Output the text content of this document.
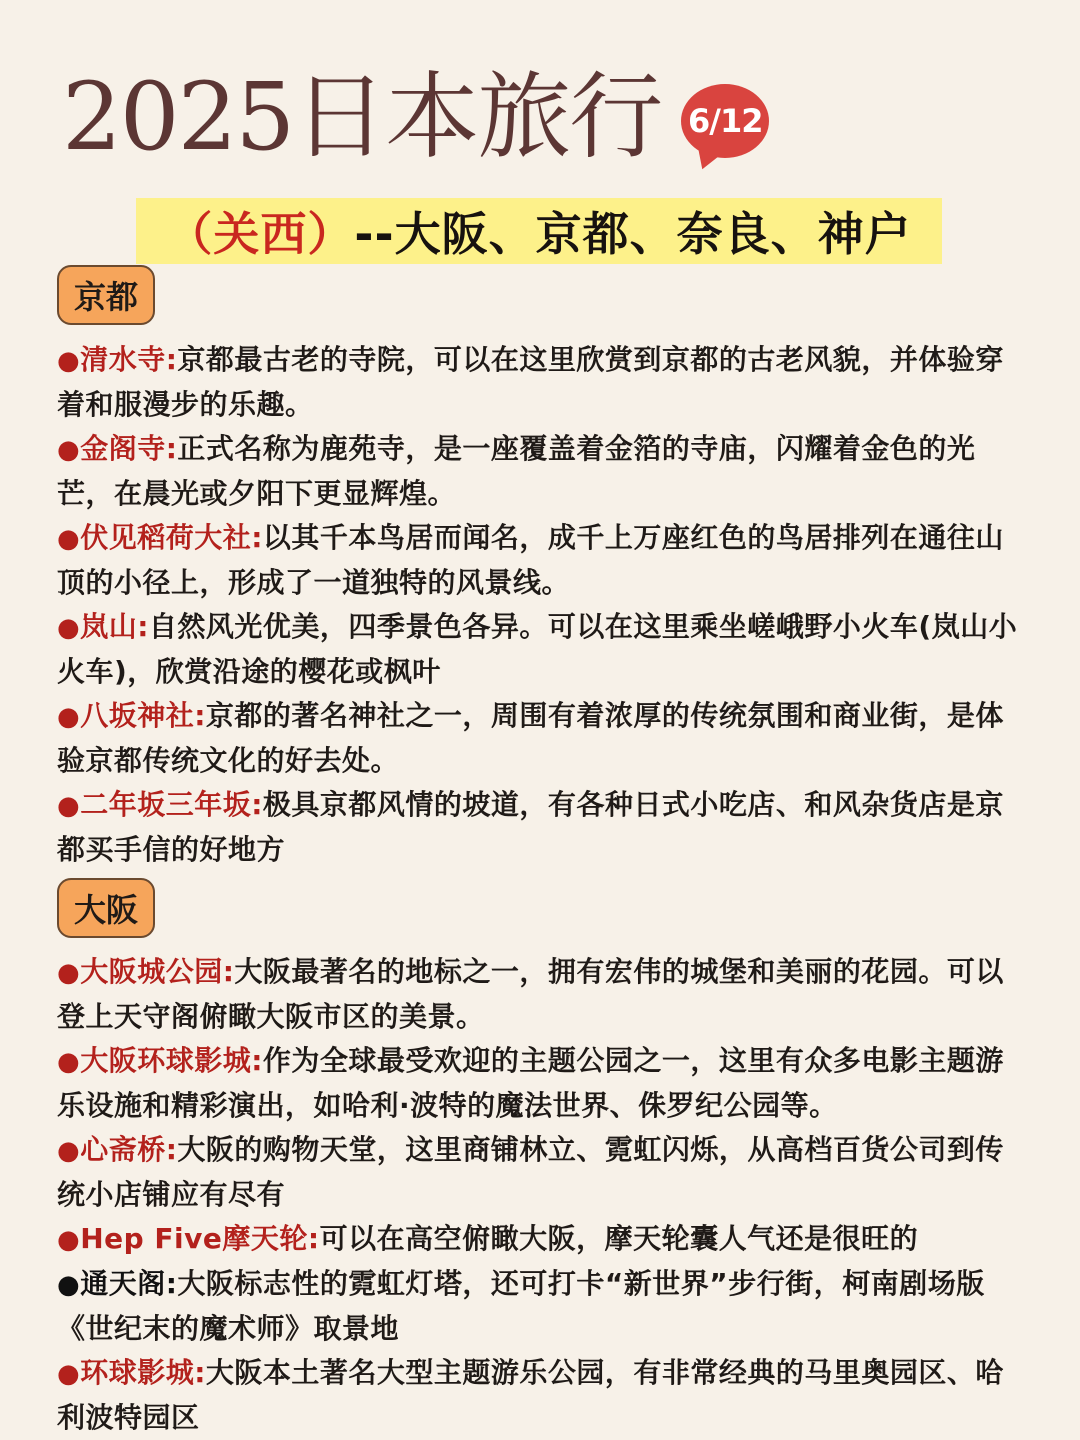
2025日本旅行 6/12
（关西） --大阪、京都、奈良、神户
京都

●清水寺:京都最古老的寺院，可以在这里欣赏到京都的古老风貌，并体验穿着和服漫步的乐趣。

●金阁寺:正式名称为鹿苑寺，是一座覆盖着金箔的寺庙，闪耀着金色的光芒，在晨光或夕阳下更显辉煌。

●伏见稻荷大社:以其千本鸟居而闻名，成千上万座红色的鸟居排列在通往山顶的小径上，形成了一道独特的风景线。

●岚山:自然风光优美，四季景色各异。可以在这里乘坐嵯峨野小火车(岚山小火车)，欣赏沿途的樱花或枫叶

●八坂神社:京都的著名神社之一，周围有着浓厚的传统氛围和商业街，是体验京都传统文化的好去处。

●二年坂三年坂:极具京都风情的坡道，有各种日式小吃店、和风杂货店是京都买手信的好地方

大阪

●大阪城公园:大阪最著名的地标之一，拥有宏伟的城堡和美丽的花园。可以登上天守阁俯瞰大阪市区的美景。

●大阪环球影城:作为全球最受欢迎的主题公园之一，这里有众多电影主题游乐设施和精彩演出，如哈利·波特的魔法世界、侏罗纪公园等。

●心斋桥:大阪的购物天堂，这里商铺林立、霓虹闪烁，从高档百货公司到传统小店铺应有尽有

●Hep Five摩天轮:可以在高空俯瞰大阪，摩天轮囊人气还是很旺的

●通天阁:大阪标志性的霓虹灯塔，还可打卡“新世界”步行街，柯南剧场版《世纪末的魔术师》取景地

●环球影城:大阪本土著名大型主题游乐公园，有非常经典的马里奥园区、哈利波特园区
